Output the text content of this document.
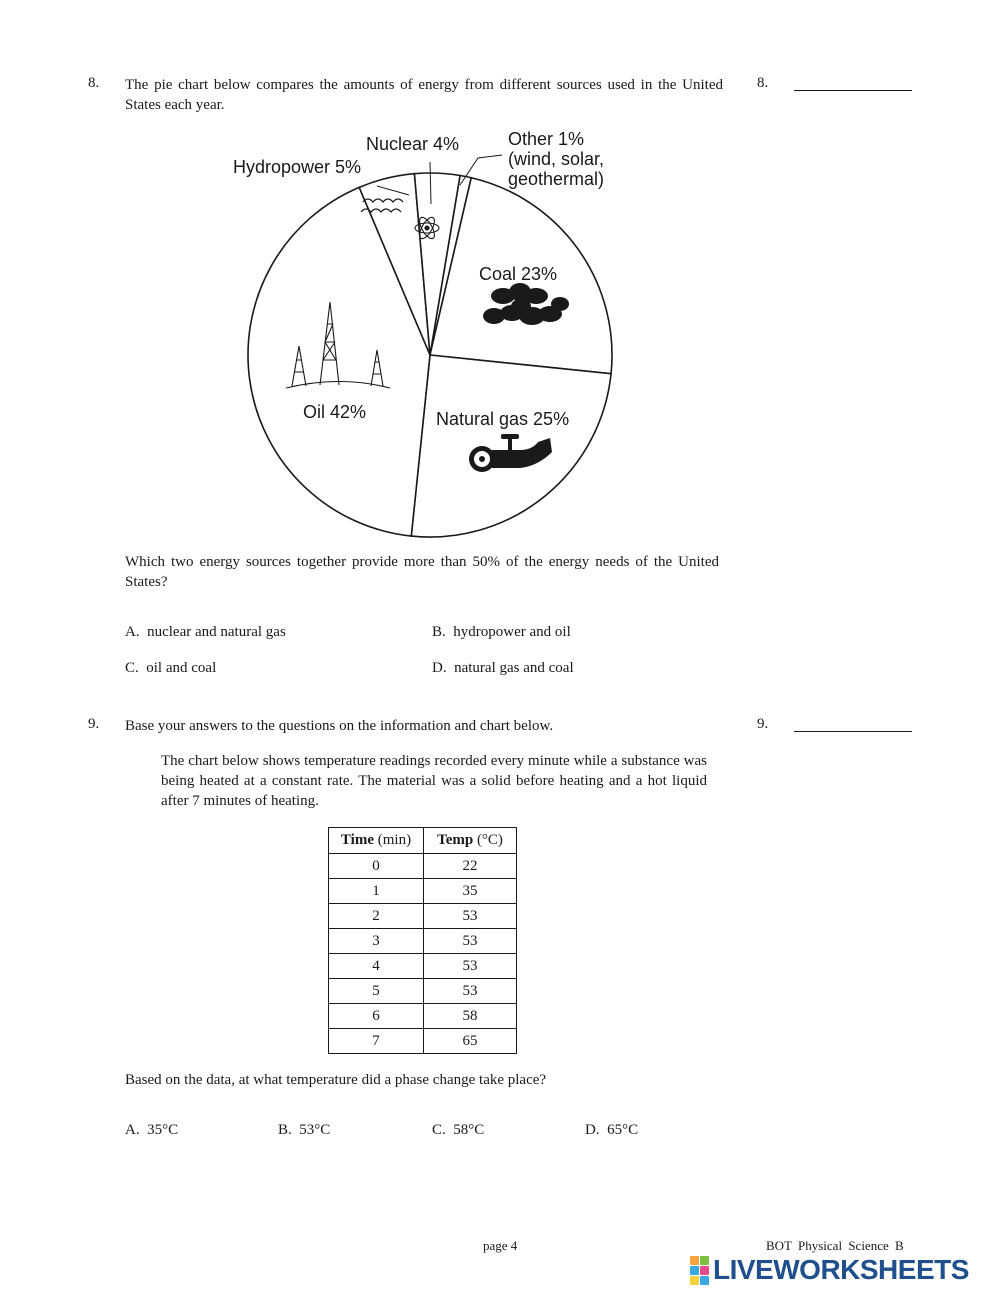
8. The pie chart below compares the amounts of energy from different sources used in the United States each year.
8.
Oil 42%	Natural gas 25%
Coal 23%
Other 1%
(wind, solar,
geothermal)
Nuclear 4%
Hydropower 5%
Which two energy sources together provide more than 50% of the energy needs of the United States?
A. nuclear and natural gas	B. hydropower and oil
C. oil and coal	D. natural gas and coal
9. Base your answers to the questions on the information and chart below.	9.
The chart below shows temperature readings recorded every minute while a substance was being heated at a constant rate. The material was a solid before heating and a hot liquid after 7 minutes of heating.
Time (min)	Temp (°C)
0	22
1	35
2	53
3	53
4	53
5	53
6	58
7	65
Based on the data, at what temperature did a phase change take place?
A. 35°C	B. 53°C	C. 58°C	D. 65°C
page 4	BOT Physical Science B
LIVEWORKSHEETS
